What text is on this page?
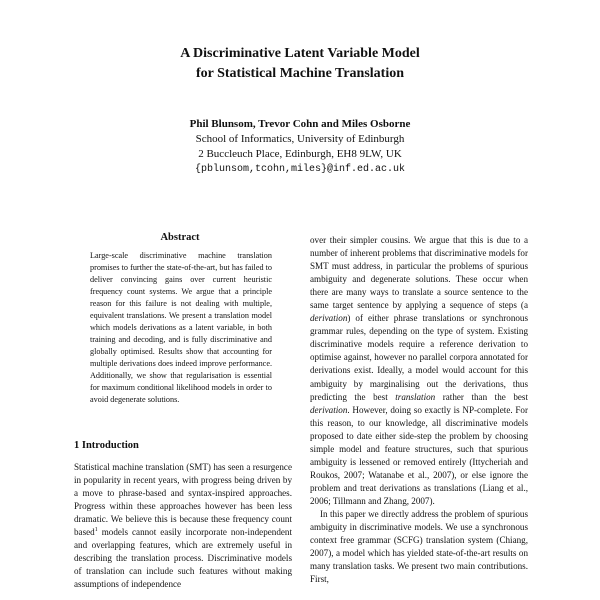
A Discriminative Latent Variable Model
for Statistical Machine Translation
Phil Blunsom, Trevor Cohn and Miles Osborne
School of Informatics, University of Edinburgh
2 Buccleuch Place, Edinburgh, EH8 9LW, UK
{pblunsom,tcohn,miles}@inf.ed.ac.uk
Abstract

Large-scale discriminative machine translation promises to further the state-of-the-art, but has failed to deliver convincing gains over current heuristic frequency count systems. We argue that a principle reason for this failure is not dealing with multiple, equivalent translations. We present a translation model which models derivations as a latent variable, in both training and decoding, and is fully discriminative and globally optimised. Results show that accounting for multiple derivations does indeed improve performance. Additionally, we show that regularisation is essential for maximum conditional likelihood models in order to avoid degenerate solutions.

1 Introduction

Statistical machine translation (SMT) has seen a resurgence in popularity in recent years, with progress being driven by a move to phrase-based and syntax-inspired approaches. Progress within these approaches however has been less dramatic. We believe this is because these frequency count based$^1$ models cannot easily incorporate non-independent and overlapping features, which are extremely useful in describing the translation process. Discriminative models of translation can include such features without making assumptions of independence

over their simpler cousins. We argue that this is due to a number of inherent problems that discriminative models for SMT must address, in particular the problems of spurious ambiguity and degenerate solutions. These occur when there are many ways to translate a source sentence to the same target sentence by applying a sequence of steps (a derivation) of either phrase translations or synchronous grammar rules, depending on the type of system. Existing discriminative models require a reference derivation to optimise against, however no parallel corpora annotated for derivations exist. Ideally, a model would account for this ambiguity by marginalising out the derivations, thus predicting the best translation rather than the best derivation. However, doing so exactly is NP-complete. For this reason, to our knowledge, all discriminative models proposed to date either side-step the problem by choosing simple model and feature structures, such that spurious ambiguity is lessened or removed entirely (Ittycheriah and Roukos, 2007; Watanabe et al., 2007), or else ignore the problem and treat derivations as translations (Liang et al., 2006; Tillmann and Zhang, 2007).

In this paper we directly address the problem of spurious ambiguity in discriminative models. We use a synchronous context free grammar (SCFG) translation system (Chiang, 2007), a model which has yielded state-of-the-art results on many translation tasks. We present two main contributions. First,
